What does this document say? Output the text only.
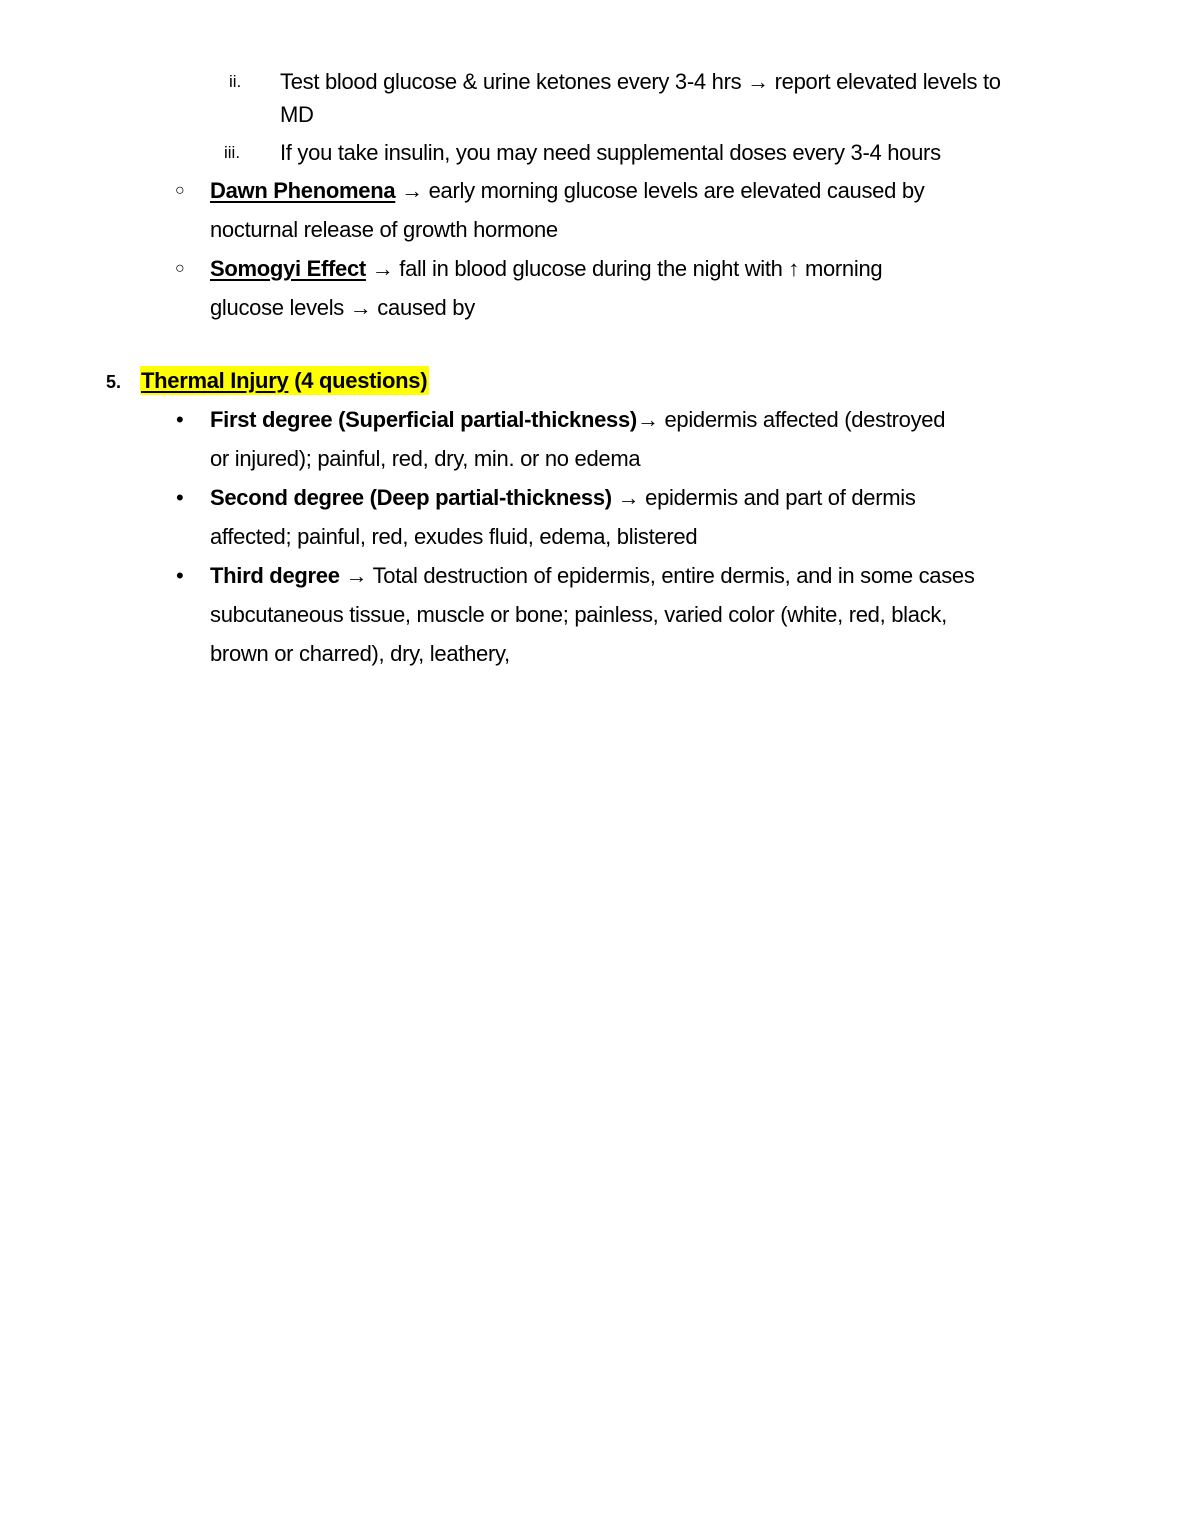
ii. Test blood glucose & urine ketones every 3-4 hrs → report elevated levels to
MD
iii. If you take insulin, you may need supplemental doses every 3-4 hours
○ Dawn Phenomena → early morning glucose levels are elevated caused by
nocturnal release of growth hormone
○ Somogyi Effect → fall in blood glucose during the night with ↑ morning
glucose levels → caused by
5. Thermal Injury (4 questions)
• First degree (Superficial partial-thickness)→ epidermis affected (destroyed
or injured); painful, red, dry, min. or no edema
• Second degree (Deep partial-thickness) → epidermis and part of dermis
affected; painful, red, exudes fluid, edema, blistered
• Third degree → Total destruction of epidermis, entire dermis, and in some cases
subcutaneous tissue, muscle or bone; painless, varied color (white, red, black,
brown or charred), dry, leathery,
